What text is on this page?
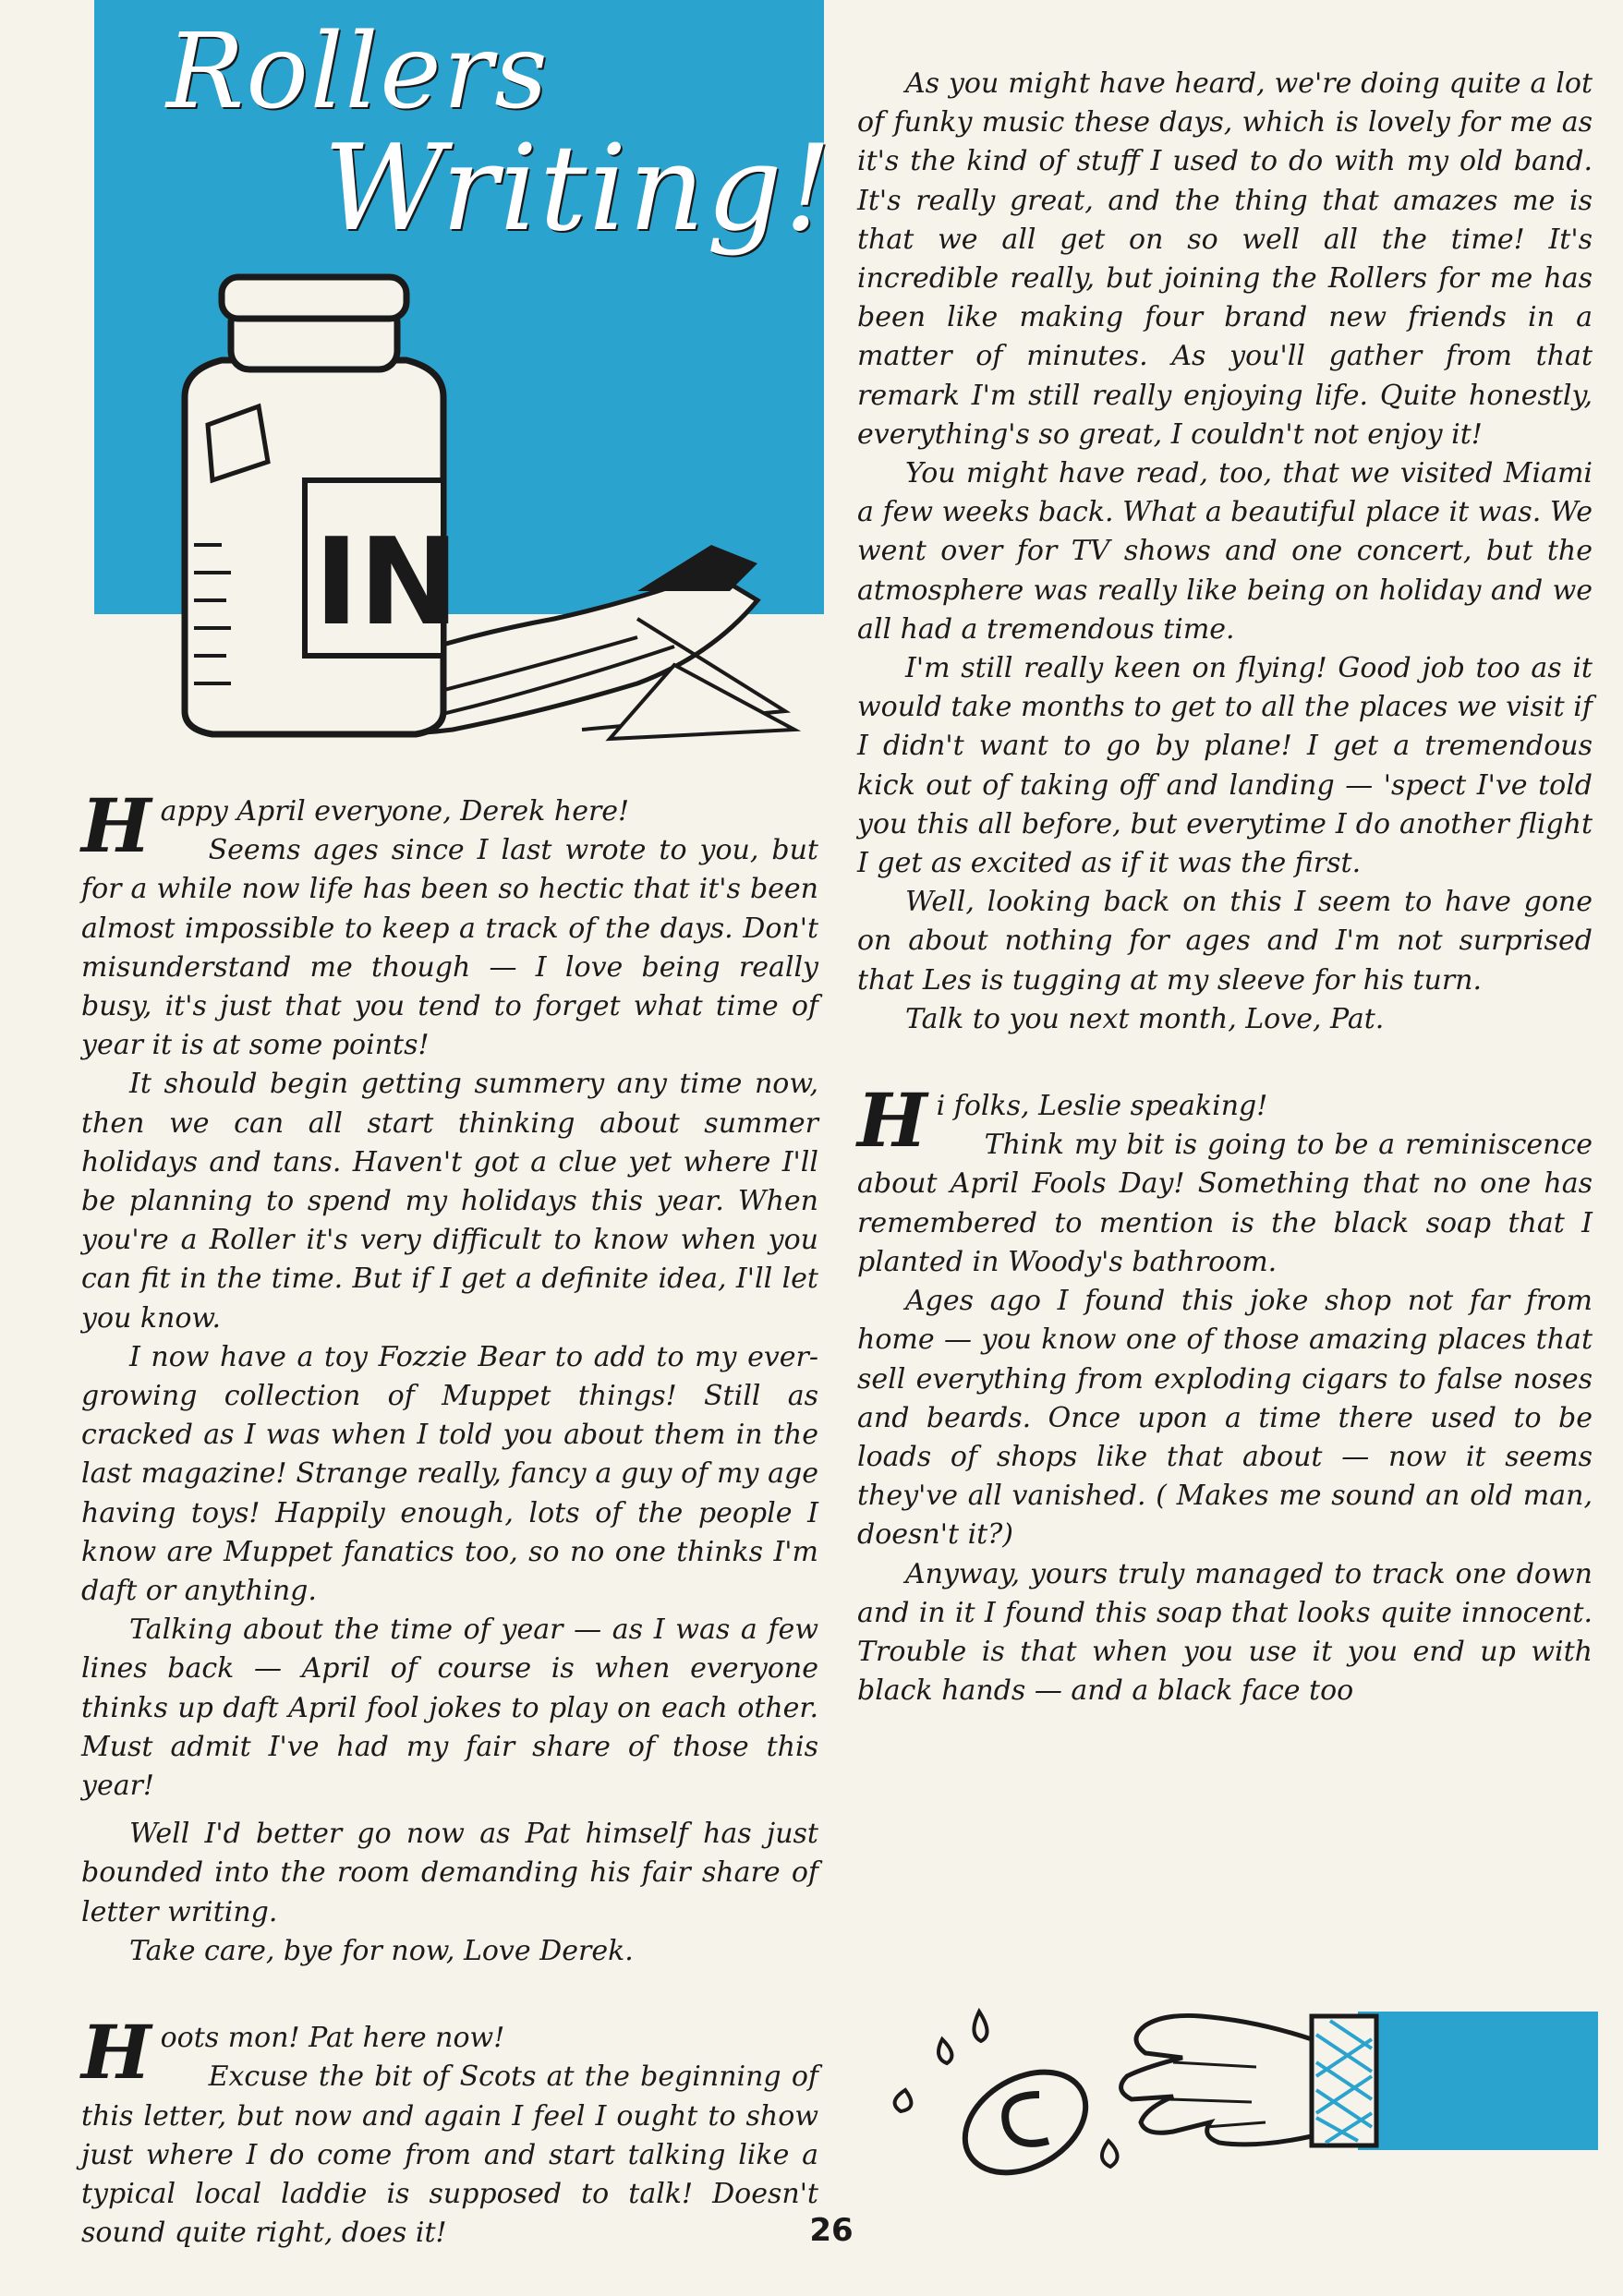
Rollers
Writing!
IN

Happy April everyone, Derek here!

Seems ages since I last wrote to you, but for a while now life has been so hectic that it's been almost impossible to keep a track of the days. Don't misunderstand me though — I love being really busy, it's just that you tend to forget what time of year it is at some points!

It should begin getting summery any time now, then we can all start thinking about summer holidays and tans. Haven't got a clue yet where I'll be planning to spend my holidays this year. When you're a Roller it's very difficult to know when you can fit in the time. But if I get a definite idea, I'll let you know.

I now have a toy Fozzie Bear to add to my ever-growing collection of Muppet things! Still as cracked as I was when I told you about them in the last magazine! Strange really, fancy a guy of my age having toys! Happily enough, lots of the people I know are Muppet fanatics too, so no one thinks I'm daft or anything.

Talking about the time of year — as I was a few lines back — April of course is when everyone thinks up daft April fool jokes to play on each other. Must admit I've had my fair share of those this year!

Well I'd better go now as Pat himself has just bounded into the room demanding his fair share of letter writing.

Take care, bye for now, Love Derek.

Hoots mon! Pat here now!

Excuse the bit of Scots at the beginning of this letter, but now and again I feel I ought to show just where I do come from and start talking like a typical local laddie is supposed to talk! Doesn't sound quite right, does it!

As you might have heard, we're doing quite a lot of funky music these days, which is lovely for me as it's the kind of stuff I used to do with my old band. It's really great, and the thing that amazes me is that we all get on so well all the time! It's incredible really, but joining the Rollers for me has been like making four brand new friends in a matter of minutes. As you'll gather from that remark I'm still really enjoying life. Quite honestly, everything's so great, I couldn't not enjoy it!

You might have read, too, that we visited Miami a few weeks back. What a beautiful place it was. We went over for TV shows and one concert, but the atmosphere was really like being on holiday and we all had a tremendous time.

I'm still really keen on flying! Good job too as it would take months to get to all the places we visit if I didn't want to go by plane! I get a tremendous kick out of taking off and landing — 'spect I've told you this all before, but everytime I do another flight I get as excited as if it was the first.

Well, looking back on this I seem to have gone on about nothing for ages and I'm not surprised that Les is tugging at my sleeve for his turn.

Talk to you next month, Love, Pat.

Hi folks, Leslie speaking!

Think my bit is going to be a reminiscence about April Fools Day! Something that no one has remembered to mention is the black soap that I planted in Woody's bathroom.

Ages ago I found this joke shop not far from home — you know one of those amazing places that sell everything from exploding cigars to false noses and beards. Once upon a time there used to be loads of shops like that about — now it seems they've all vanished. ( Makes me sound an old man, doesn't it?)

Anyway, yours truly managed to track one down and in it I found this soap that looks quite innocent. Trouble is that when you use it you end up with black hands — and a black face too

26
